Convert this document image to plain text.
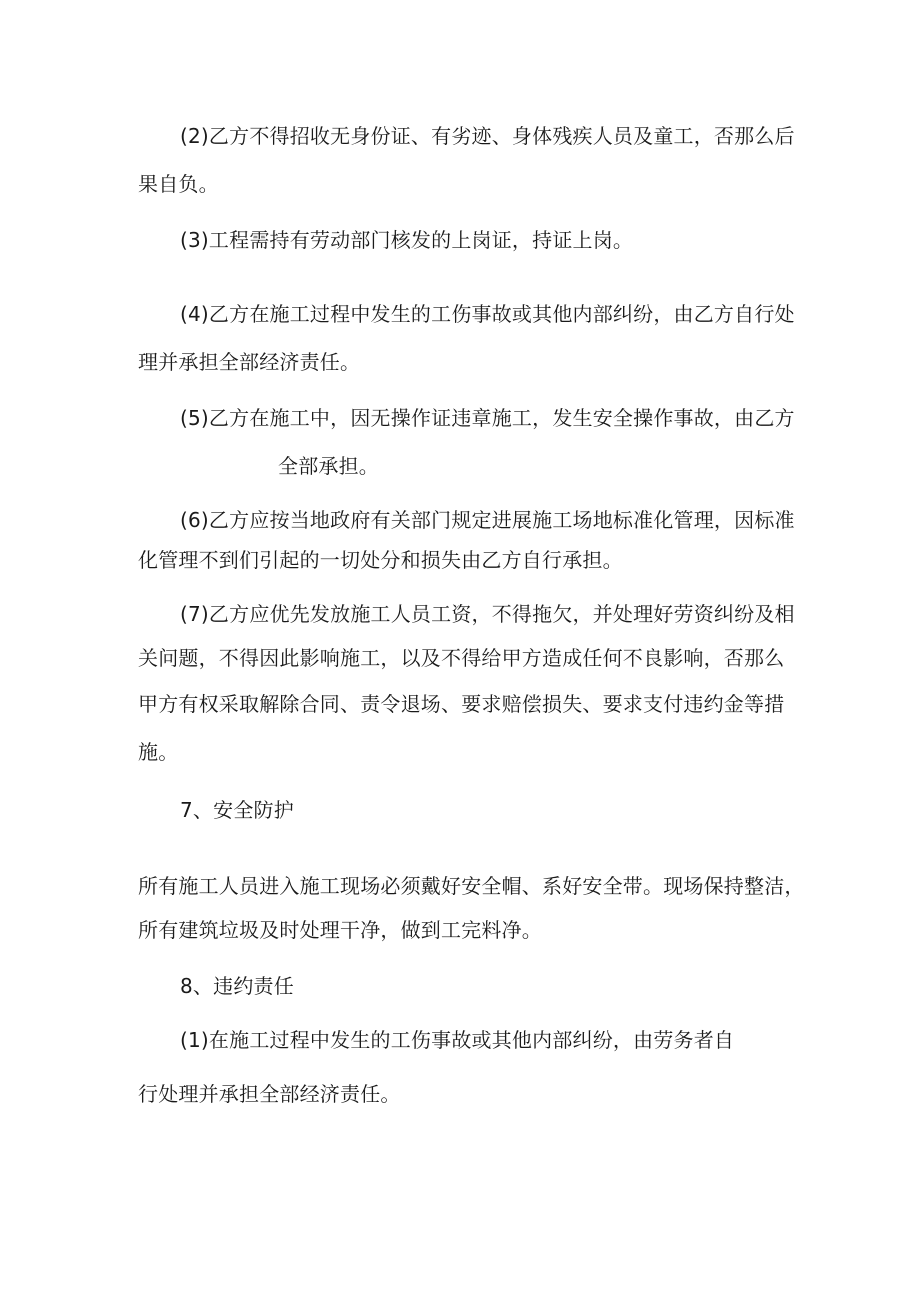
(2)乙方不得招收无身份证、有劣迹、身体残疾人员及童工，否那么后
果自负。
(3)工程需持有劳动部门核发的上岗证，持证上岗。
(4)乙方在施工过程中发生的工伤事故或其他内部纠纷，由乙方自行处
理并承担全部经济责任。
(5)乙方在施工中，因无操作证违章施工，发生安全操作事故，由乙方
全部承担。
(6)乙方应按当地政府有关部门规定进展施工场地标准化管理，因标准
化管理不到们引起的一切处分和损失由乙方自行承担。
(7)乙方应优先发放施工人员工资，不得拖欠，并处理好劳资纠纷及相
关问题，不得因此影响施工，以及不得给甲方造成任何不良影响，否那么
甲方有权采取解除合同、责令退场、要求赔偿损失、要求支付违约金等措
施。
7、安全防护
所有施工人员进入施工现场必须戴好安全帽、系好安全带。现场保持整洁，
所有建筑垃圾及时处理干净，做到工完料净。
8、违约责任
(1)在施工过程中发生的工伤事故或其他内部纠纷，由劳务者自
行处理并承担全部经济责任。
